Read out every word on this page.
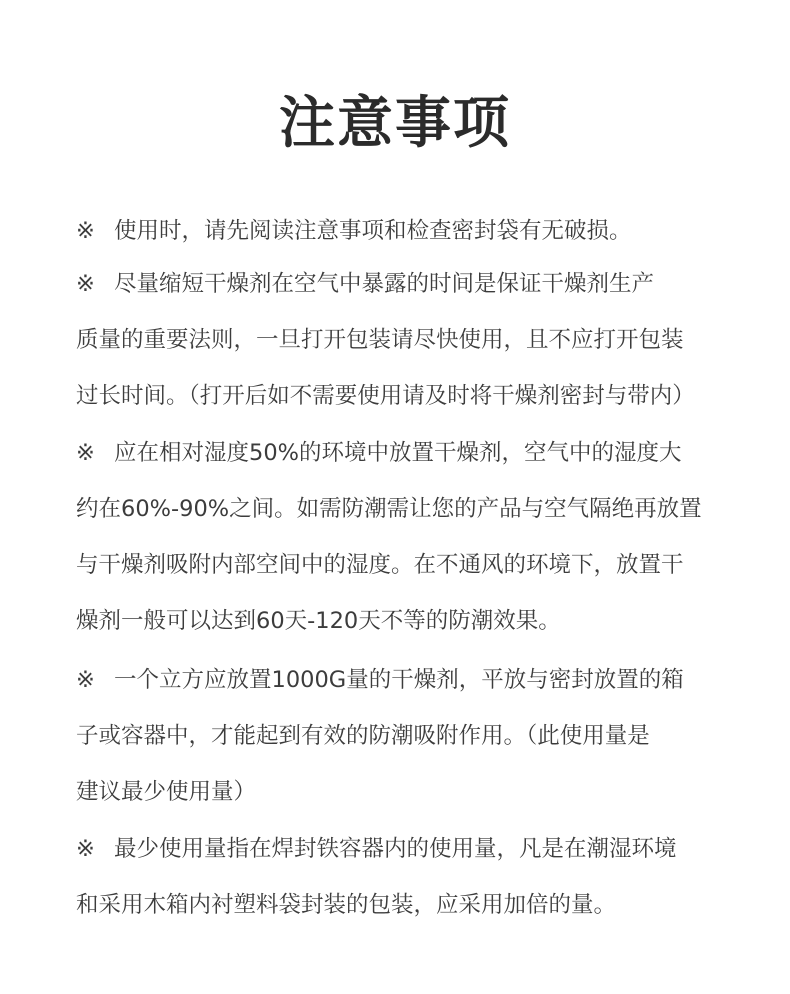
注意事项
※ 使用时，请先阅读注意事项和检查密封袋有无破损。
※ 尽量缩短干燥剂在空气中暴露的时间是保证干燥剂生产
质量的重要法则，一旦打开包装请尽快使用，且不应打开包装
过长时间。（打开后如不需要使用请及时将干燥剂密封与带内）
※ 应在相对湿度50%的环境中放置干燥剂，空气中的湿度大
约在60%-90%之间。如需防潮需让您的产品与空气隔绝再放置
与干燥剂吸附内部空间中的湿度。在不通风的环境下，放置干
燥剂一般可以达到60天-120天不等的防潮效果。
※ 一个立方应放置1000G量的干燥剂，平放与密封放置的箱
子或容器中，才能起到有效的防潮吸附作用。（此使用量是
建议最少使用量）
※ 最少使用量指在焊封铁容器内的使用量，凡是在潮湿环境
和采用木箱内衬塑料袋封装的包装，应采用加倍的量。
